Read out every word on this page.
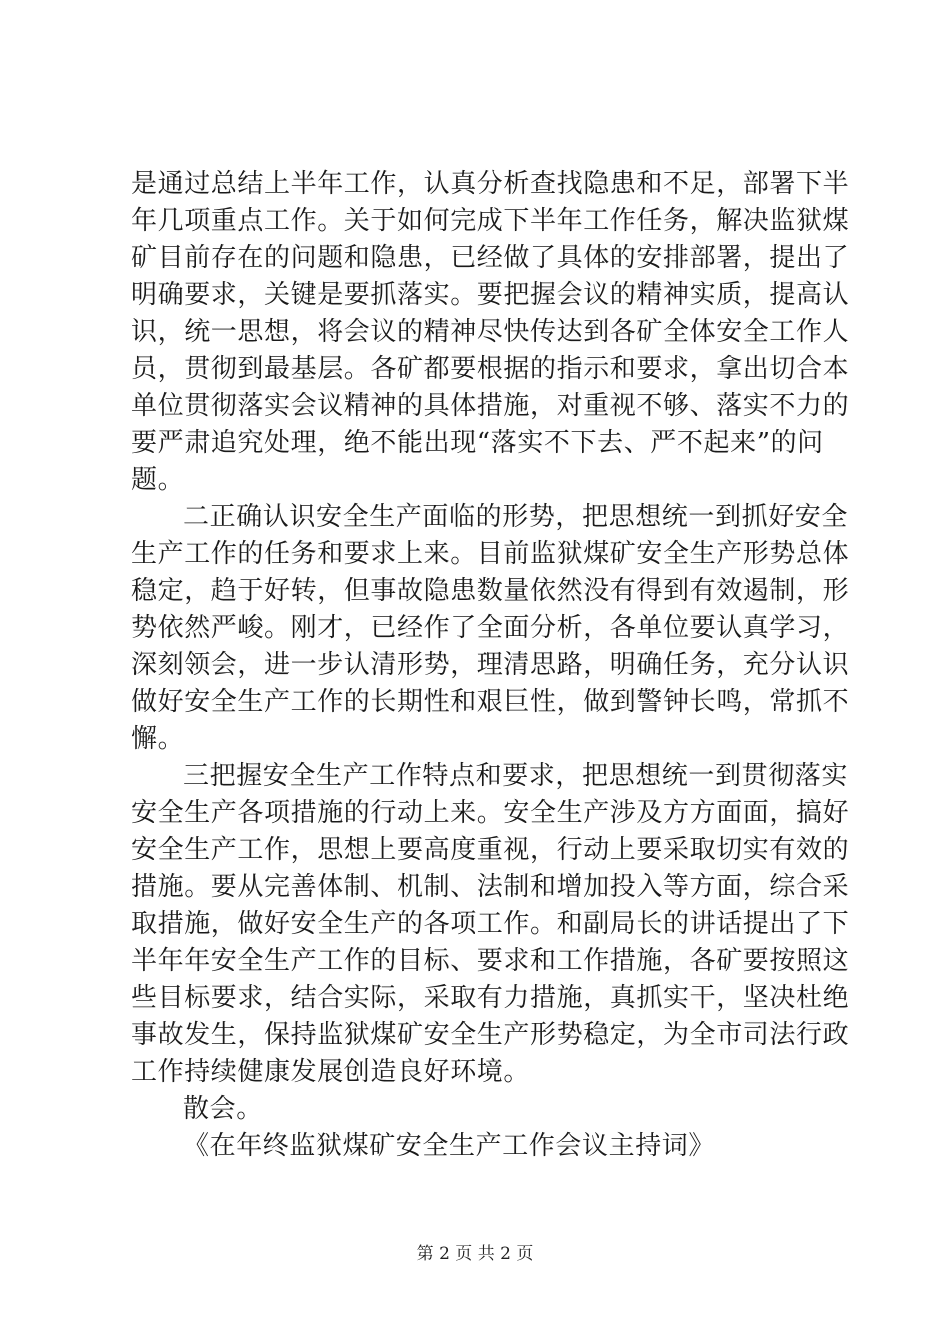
是通过总结上半年工作，认真分析查找隐患和不足，部署下半
年几项重点工作。关于如何完成下半年工作任务，解决监狱煤
矿目前存在的问题和隐患，已经做了具体的安排部署，提出了
明确要求，关键是要抓落实。要把握会议的精神实质，提高认
识，统一思想，将会议的精神尽快传达到各矿全体安全工作人
员，贯彻到最基层。各矿都要根据的指示和要求，拿出切合本
单位贯彻落实会议精神的具体措施，对重视不够、落实不力的
要严肃追究处理，绝不能出现“落实不下去、严不起来”的问
题。
二正确认识安全生产面临的形势，把思想统一到抓好安全
生产工作的任务和要求上来。目前监狱煤矿安全生产形势总体
稳定，趋于好转，但事故隐患数量依然没有得到有效遏制，形
势依然严峻。刚才，已经作了全面分析，各单位要认真学习，
深刻领会，进一步认清形势，理清思路，明确任务，充分认识
做好安全生产工作的长期性和艰巨性，做到警钟长鸣，常抓不
懈。
三把握安全生产工作特点和要求，把思想统一到贯彻落实
安全生产各项措施的行动上来。安全生产涉及方方面面，搞好
安全生产工作，思想上要高度重视，行动上要采取切实有效的
措施。要从完善体制、机制、法制和增加投入等方面，综合采
取措施，做好安全生产的各项工作。和副局长的讲话提出了下
半年年安全生产工作的目标、要求和工作措施，各矿要按照这
些目标要求，结合实际，采取有力措施，真抓实干，坚决杜绝
事故发生，保持监狱煤矿安全生产形势稳定，为全市司法行政
工作持续健康发展创造良好环境。
散会。
《在年终监狱煤矿安全生产工作会议主持词》
第 2 页 共 2 页
